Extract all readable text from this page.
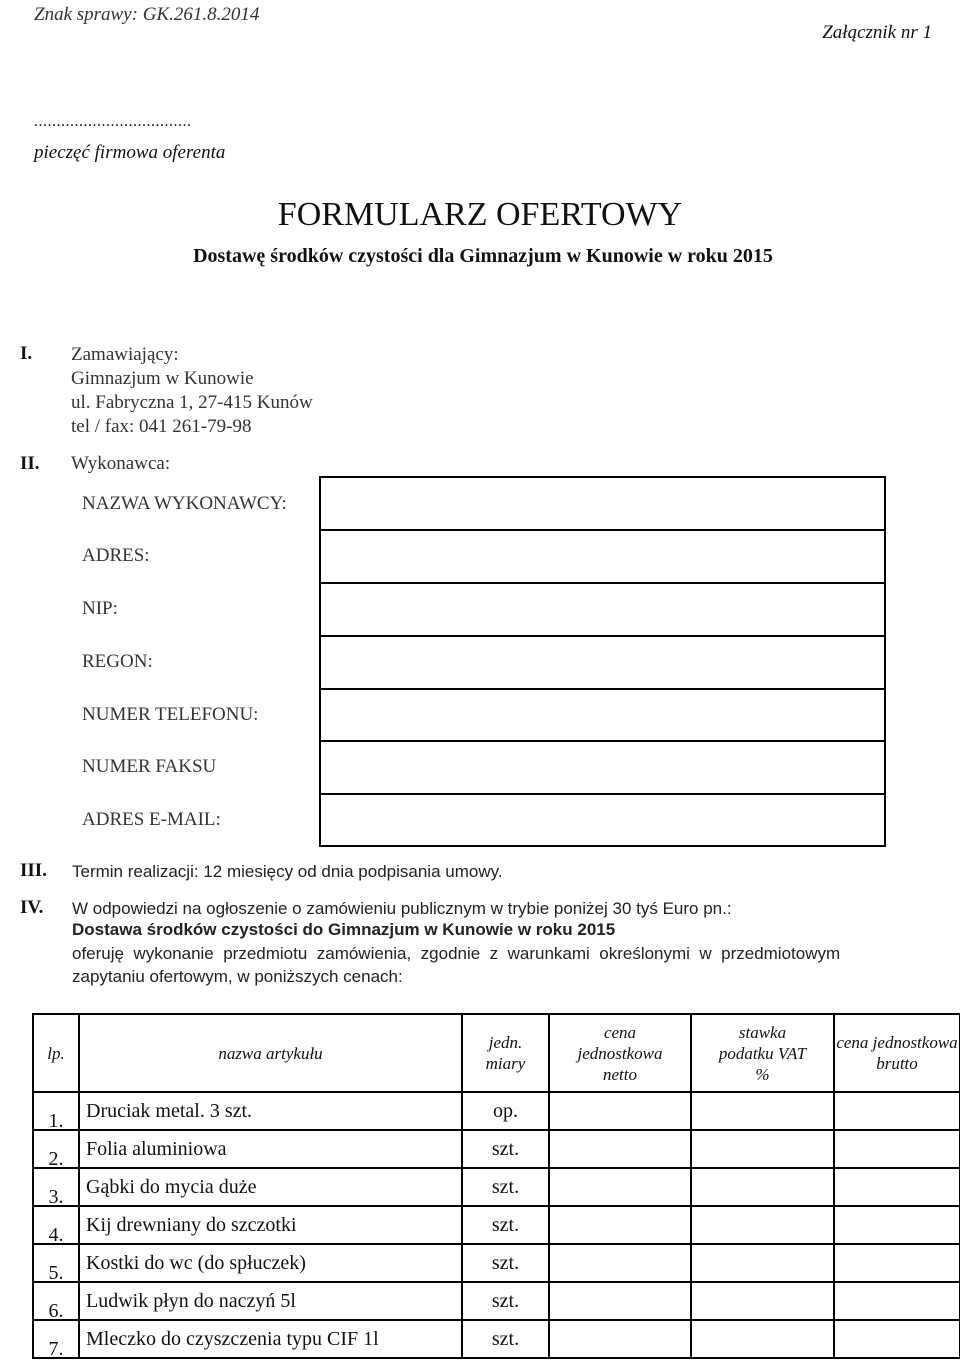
Znak sprawy: GK.261.8.2014
Załącznik nr 1
...................................
pieczęć firmowa oferenta
FORMULARZ OFERTOWY
Dostawę środków czystości dla Gimnazjum w Kunowie w roku 2015
I. Zamawiający:
Gimnazjum w Kunowie
ul. Fabryczna 1, 27-415 Kunów
tel / fax: 041 261-79-98
II. Wykonawca:
NAZWA WYKONAWCY:
ADRES:
NIP:
REGON:
NUMER TELEFONU:
NUMER FAKSU
ADRES E-MAIL:
III. Termin realizacji: 12 miesięcy od dnia podpisania umowy.
IV. W odpowiedzi na ogłoszenie o zamówieniu publicznym w trybie poniżej 30 tyś Euro pn.:
Dostawa środków czystości do Gimnazjum w Kunowie w roku 2015
oferuję  wykonanie  przedmiotu  zamówienia,  zgodnie  z  warunkami  określonymi  w  przedmiotowym
zapytaniu ofertowym, w poniższych cenach:
lp.	nazwa artykułu	jedn. miary	cena jednostkowa netto	stawka podatku VAT %	cena jednostkowa brutto
1.	Druciak metal. 3 szt.	op.			
2.	Folia aluminiowa	szt.			
3.	Gąbki do mycia duże	szt.			
4.	Kij drewniany do szczotki	szt.			
5.	Kostki do wc (do spłuczek)	szt.			
6.	Ludwik płyn do naczyń 5l	szt.			
7.	Mleczko do czyszczenia typu CIF 1l	szt.			
